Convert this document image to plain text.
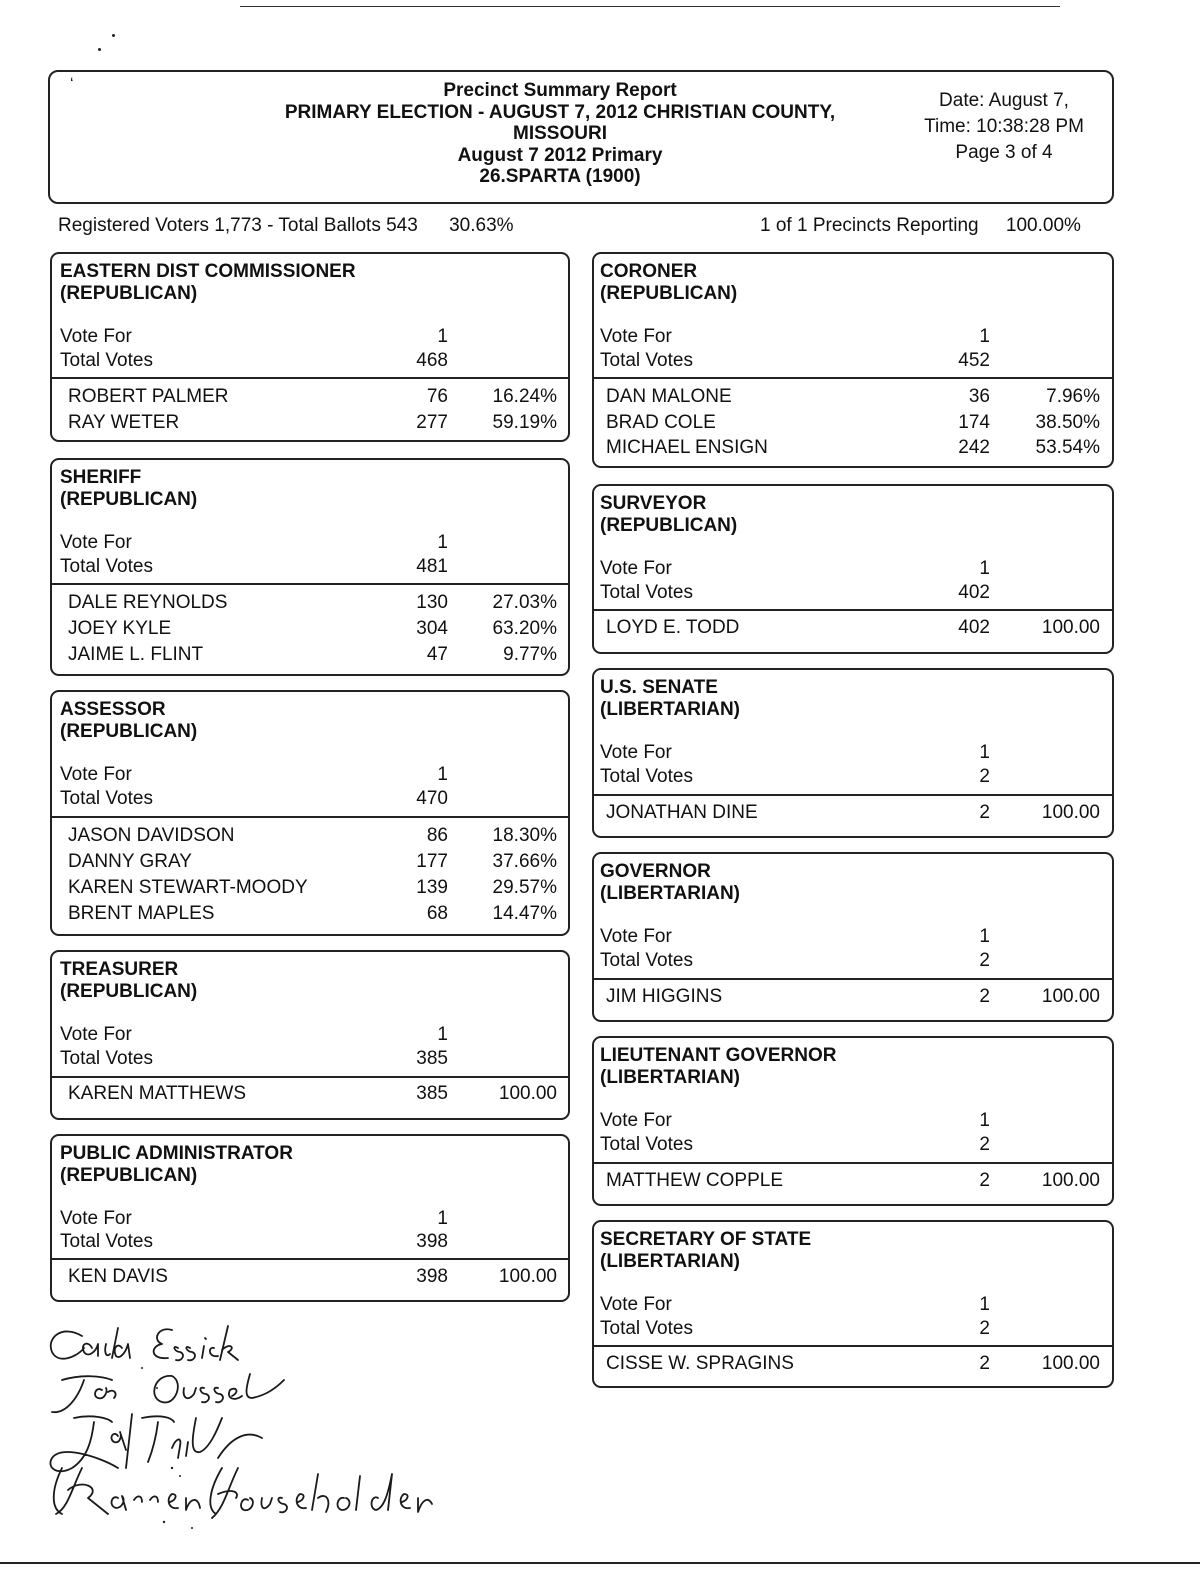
ʻ	Precinct Summary Report
PRIMARY ELECTION - AUGUST 7, 2012 CHRISTIAN COUNTY,
MISSOURI
August 7 2012 Primary
26.SPARTA (1900)
Date: August 7,
Time: 10:38:28 PM
Page 3 of 4
Registered Voters 1,773 - Total Ballots 543 30.63%	1 of 1 Precincts Reporting 100.00%
EASTERN DIST COMMISSIONER
(REPUBLICAN)
Vote For	1
Total Votes	468
ROBERT PALMER	76	16.24%
RAY WETER	277	59.19%
SHERIFF
(REPUBLICAN)
Vote For	1
Total Votes	481
DALE REYNOLDS	130	27.03%
JOEY KYLE	304	63.20%
JAIME L. FLINT	47	9.77%
ASSESSOR
(REPUBLICAN)
Vote For	1
Total Votes	470
JASON DAVIDSON	86	18.30%
DANNY GRAY	177	37.66%
KAREN STEWART-MOODY	139	29.57%
BRENT MAPLES	68	14.47%
TREASURER
(REPUBLICAN)
Vote For	1
Total Votes	385
KAREN MATTHEWS	385	100.00
PUBLIC ADMINISTRATOR
(REPUBLICAN)
Vote For	1
Total Votes	398
KEN DAVIS	398	100.00
CORONER
(REPUBLICAN)
Vote For	1
Total Votes	452
DAN MALONE	36	7.96%
BRAD COLE	174	38.50%
MICHAEL ENSIGN	242	53.54%
SURVEYOR
(REPUBLICAN)
Vote For	1
Total Votes	402
LOYD E. TODD	402	100.00
U.S. SENATE
(LIBERTARIAN)
Vote For	1
Total Votes	2
JONATHAN DINE	2	100.00
GOVERNOR
(LIBERTARIAN)
Vote For	1
Total Votes	2
JIM HIGGINS	2	100.00
LIEUTENANT GOVERNOR
(LIBERTARIAN)
Vote For	1
Total Votes	2
MATTHEW COPPLE	2	100.00
SECRETARY OF STATE
(LIBERTARIAN)
Vote For	1
Total Votes	2
CISSE W. SPRAGINS	2	100.00
